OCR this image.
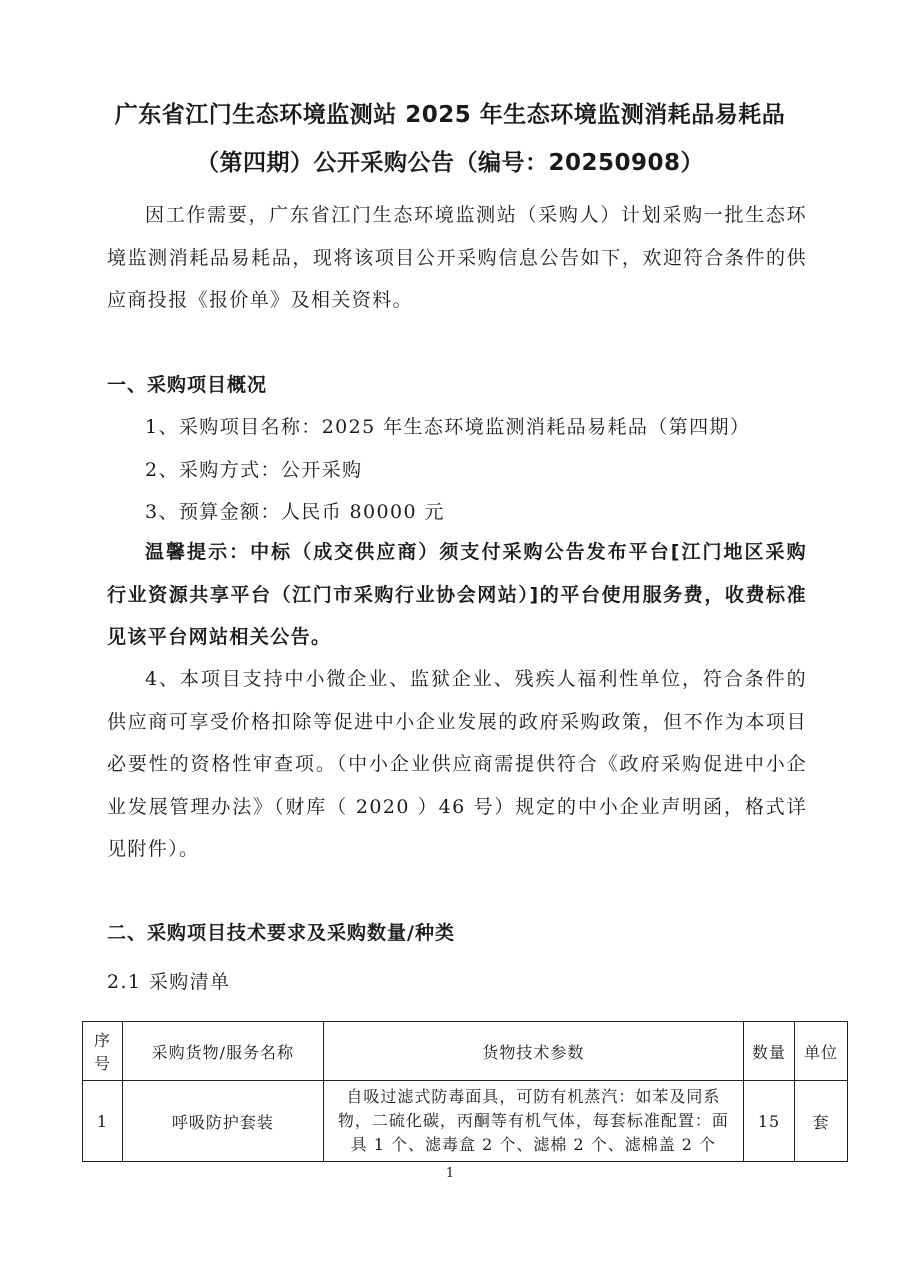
广东省江门生态环境监测站 2025 年生态环境监测消耗品易耗品
（第四期）公开采购公告（编号：20250908）

因工作需要，广东省江门生态环境监测站（采购人）计划采购一批生态环境监测消耗品易耗品，现将该项目公开采购信息公告如下，欢迎符合条件的供应商投报《报价单》及相关资料。

一、采购项目概况
1、采购项目名称：2025 年生态环境监测消耗品易耗品（第四期）
2、采购方式：公开采购
3、预算金额：人民币 80000 元

温馨提示：中标（成交供应商）须支付采购公告发布平台[江门地区采购行业资源共享平台（江门市采购行业协会网站）]的平台使用服务费，收费标准见该平台网站相关公告。

4、本项目支持中小微企业、监狱企业、残疾人福利性单位，符合条件的供应商可享受价格扣除等促进中小企业发展的政府采购政策，但不作为本项目必要性的资格性审查项。（中小企业供应商需提供符合《政府采购促进中小企业发展管理办法》（财库（ 2020 ）46 号）规定的中小企业声明函，格式详见附件）。

二、采购项目技术要求及采购数量/种类
2.1 采购清单
序号	采购货物/服务名称	货物技术参数	数量	单位
1	呼吸防护套装	自吸过滤式防毒面具，可防有机蒸汽：如苯及同系物，二硫化碳，丙酮等有机气体，每套标准配置：面具 1 个、滤毒盒 2 个、滤棉 2 个、滤棉盖 2 个	15	套
1
